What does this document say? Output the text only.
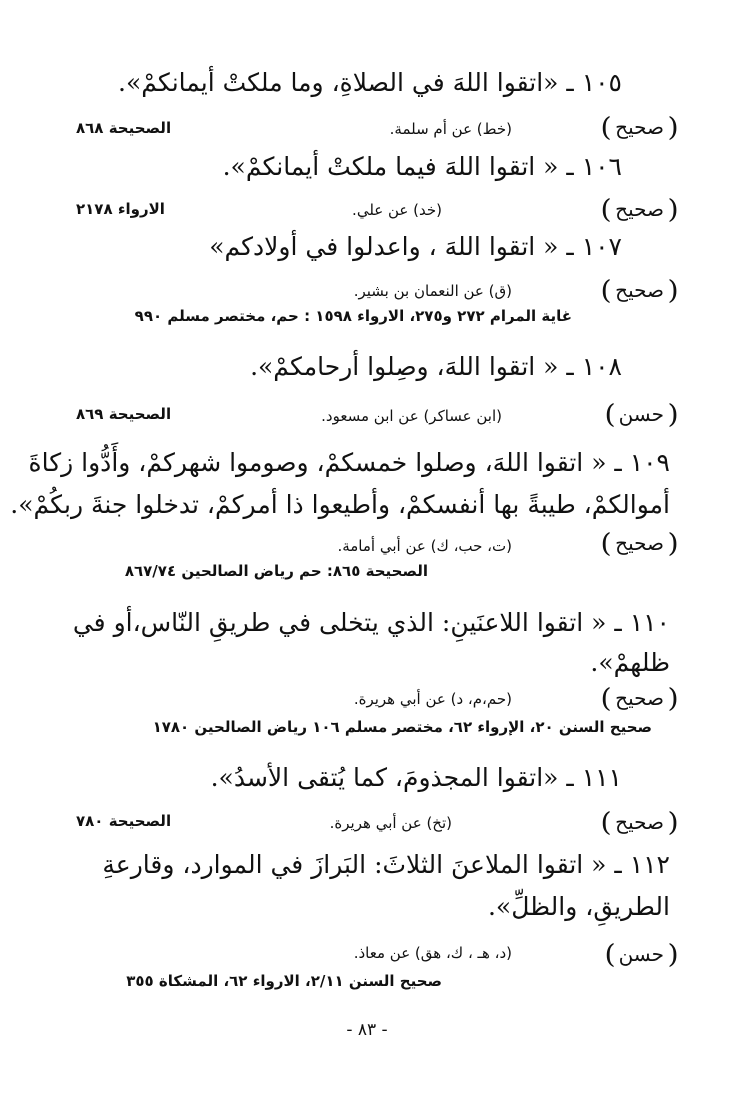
١٠٥ ـ «اتقوا اللهَ في الصلاةِ، وما ملكتْ أيمانكمْ».
( صحيح )
(خط) عن أم سلمة.
الصحيحة ٨٦٨
١٠٦ ـ « اتقوا اللهَ فيما ملكتْ أيمانكمْ».
( صحيح )
(خد) عن علي.
الارواء ٢١٧٨
١٠٧ ـ « اتقوا اللهَ ، واعدلوا في أولادكم»
( صحيح )
(ق) عن النعمان بن بشير.
غاية المرام ٢٧٢ و٢٧٥، الارواء ١٥٩٨ : حم، مختصر مسلم ٩٩٠
١٠٨ ـ « اتقوا اللهَ، وصِلوا أرحامكمْ».
( حسن )
(ابن عساكر) عن ابن مسعود.
الصحيحة ٨٦٩
١٠٩ ـ « اتقوا اللهَ، وصلوا خمسكمْ، وصوموا شهركمْ، وأَدُّوا زكاةَ
أموالكمْ، طيبةً بها أنفسكمْ، وأطيعوا ذا أمركمْ، تدخلوا جنةَ ربكُمْ».
( صحيح )
(ت، حب، ك) عن أبي أمامة.
الصحيحة ٨٦٥: حم رياض الصالحين ٨٦٧/٧٤
١١٠ ـ « اتقوا اللاعنَينِ: الذي يتخلى في طريقِ النّاس،أو في
ظلهمْ».
( صحيح )
(حم،م، د) عن أبي هريرة.
صحيح السنن ٢٠، الإرواء ٦٢، مختصر مسلم ١٠٦ رياض الصالحين ١٧٨٠
١١١ ـ «اتقوا المجذومَ، كما يُتقى الأسدُ».
( صحيح )
(تخ) عن أبي هريرة.
الصحيحة ٧٨٠
١١٢ ـ « اتقوا الملاعنَ الثلاثَ: البَرازَ في الموارد، وقارعةِ
الطريقِ، والظلِّ».
( حسن )
(د، هـ ، ك، هق) عن معاذ.
صحيح السنن ٢/١١، الارواء ٦٢، المشكاة ٣٥٥
- ٨٣ -
